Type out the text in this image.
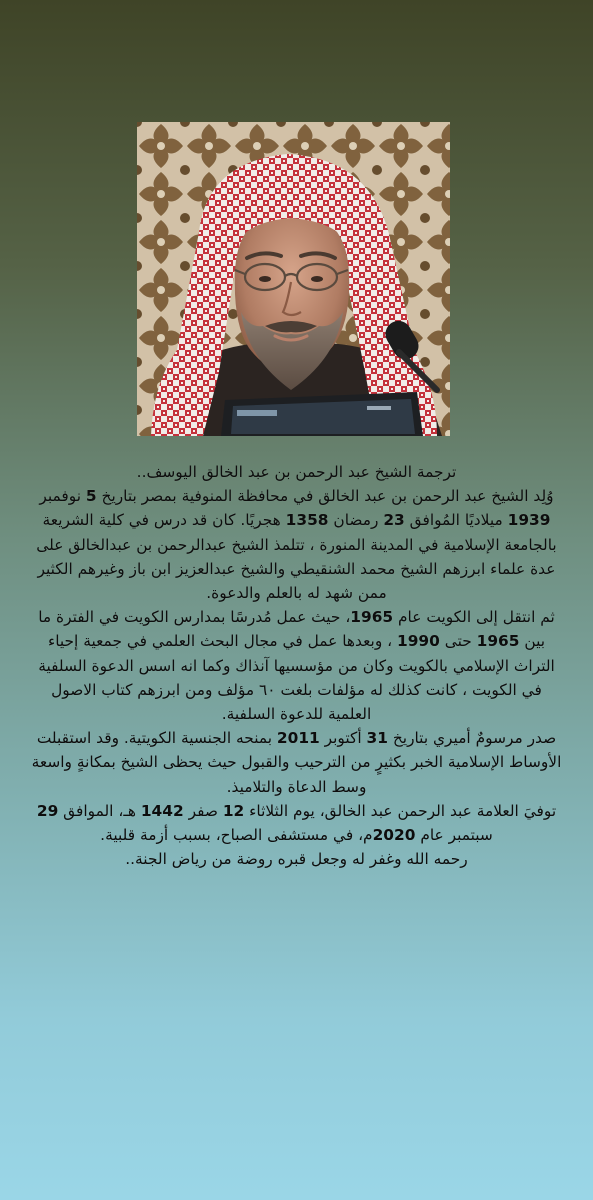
ترجمة الشيخ عبد الرحمن بن عبد الخالق اليوسف..
وُلِد الشيخ عبد الرحمن بن عبد الخالق في محافظة المنوفية بمصر بتاريخ 5 نوفمبر 1939 ميلاديًا المُوافق 23 رمضان 1358 هجريًا. كان قد درس في كلية الشريعة بالجامعة الإسلامية في المدينة المنورة ، تتلمذ الشيخ عبدالرحمن بن عبدالخالق على عدة علماء ابرزهم الشيخ محمد الشنقيطي والشيخ عبدالعزيز ابن باز وغيرهم الكثير ممن شهد له بالعلم والدعوة.

ثم انتقل إلى الكويت عام 1965، حيث عمل مُدرسًا بمدارس الكويت في الفترة ما بين 1965 حتى 1990 ، وبعدها عمل في مجال البحث العلمي في جمعية إحياء التراث الإسلامي بالكويت وكان من مؤسسيها آنذاك وكما انه اسس الدعوة السلفية في الكويت ، كانت كذلك له مؤلفات بلغت ٦٠ مؤلف ومن ابرزهم كتاب الاصول العلمية للدعوة السلفية.

صدر مرسومٌ أميري بتاريخ 31 أكتوبر 2011 بمنحه الجنسية الكويتية. وقد استقبلت الأوساط الإسلامية الخبر بكثيرٍ من الترحيب والقبول حيث يحظى الشيخ بمكانةٍ واسعة وسط الدعاة والتلاميذ.

توفيَ العلامة عبد الرحمن عبد الخالق، يوم الثلاثاء 12 صفر 1442 هـ، الموافق 29 سبتمبر عام 2020م، في مستشفى الصباح، بسبب أزمة قلبية.

رحمه الله وغفر له وجعل قبره روضة من رياض الجنة..
